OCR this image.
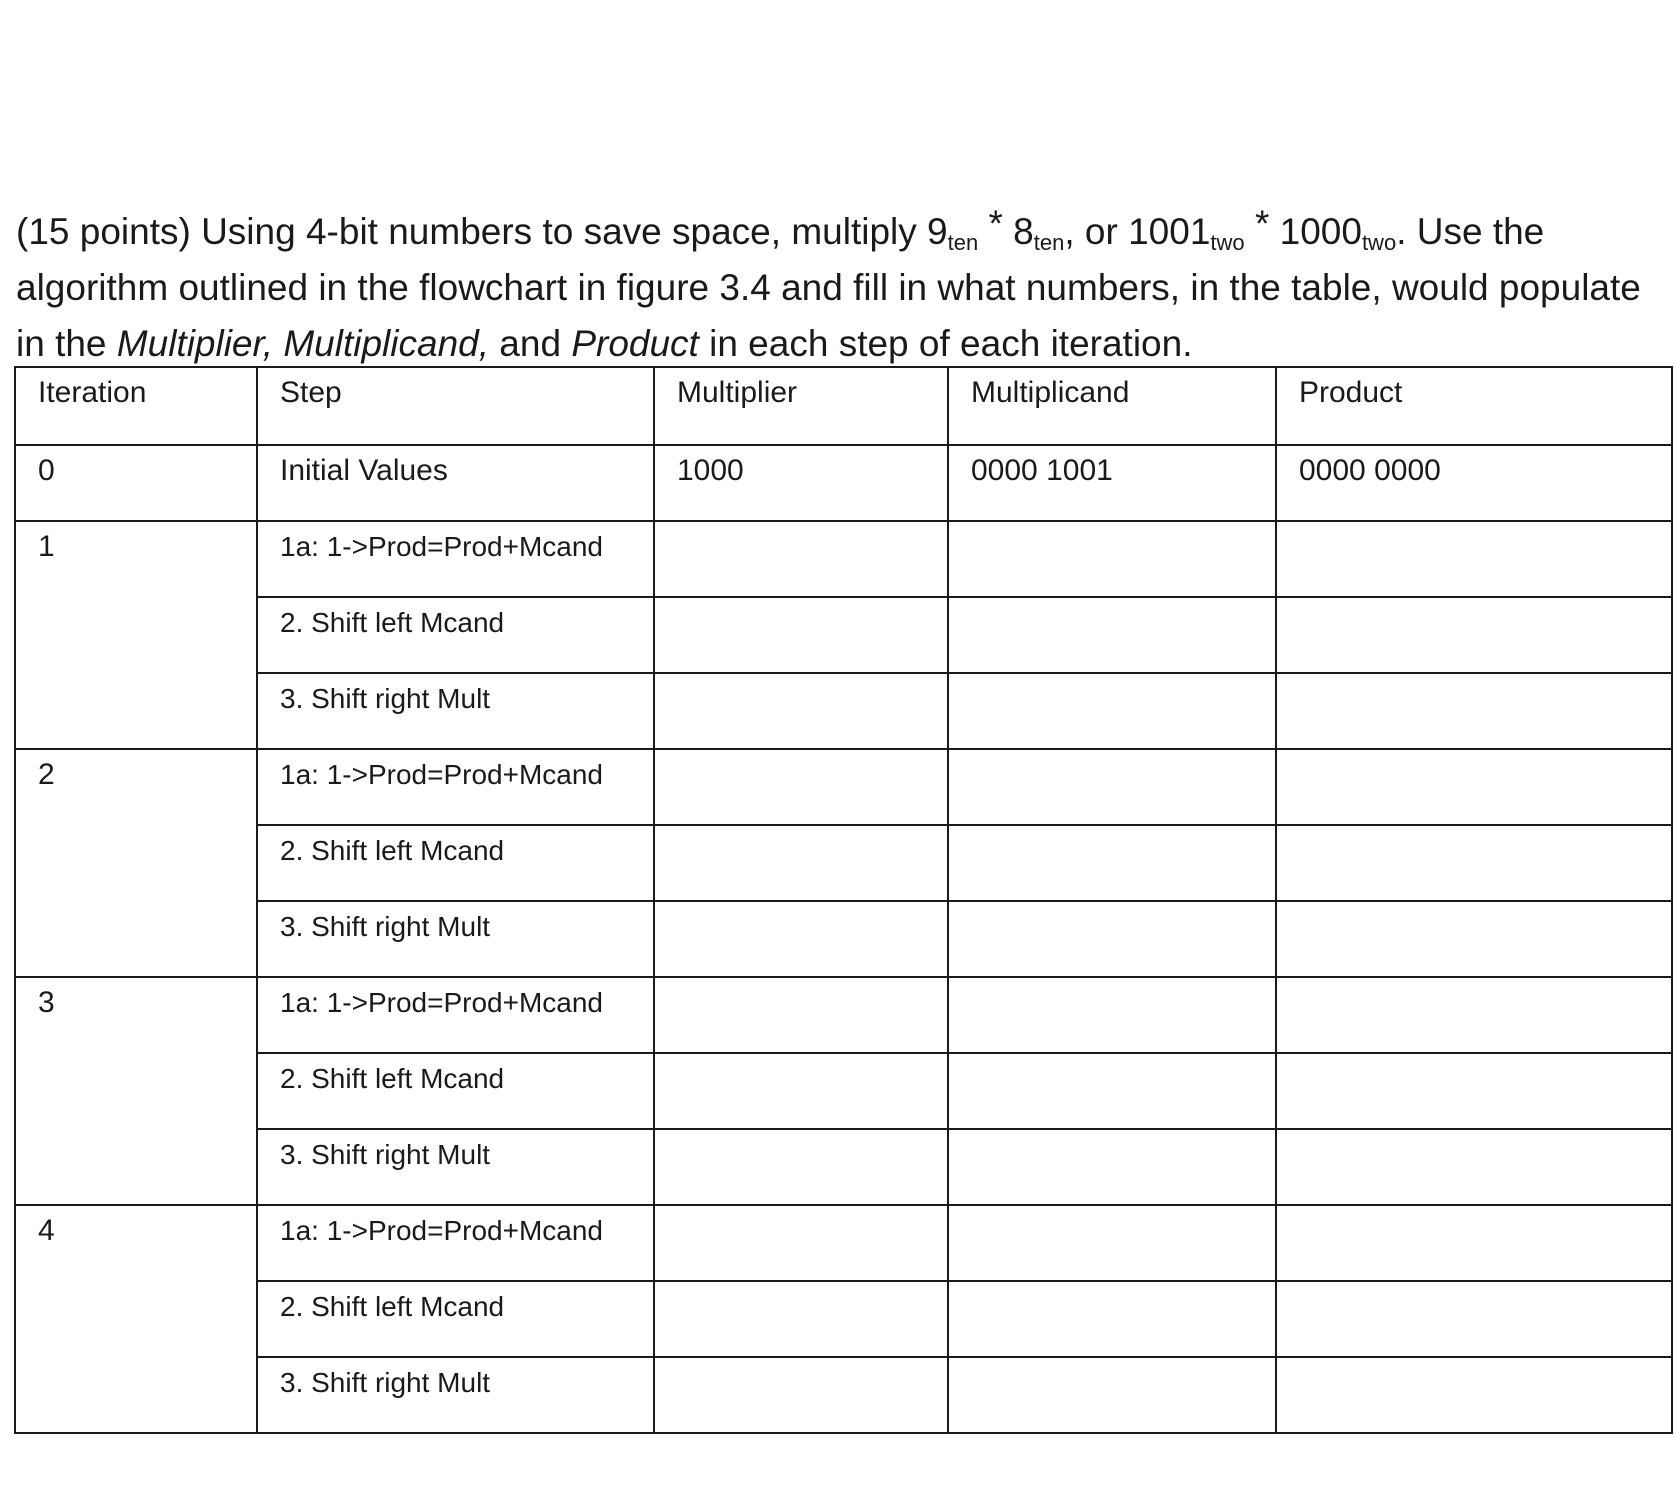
(15 points) Using 4-bit numbers to save space, multiply $9_{ten} * 8_{ten}$, or $1001_{two} * 1000_{two}$. Use the algorithm outlined in the flowchart in figure 3.4 and fill in what numbers, in the table, would populate in the Multiplier, Multiplicand, and Product in each step of each iteration.

Iteration	Step	Multiplier	Multiplicand	Product
0	Initial Values	1000	0000 1001	0000 0000
1	1a: 1->Prod=Prod+Mcand			
	2. Shift left Mcand			
	3. Shift right Mult			
2	1a: 1->Prod=Prod+Mcand			
	2. Shift left Mcand			
	3. Shift right Mult			
3	1a: 1->Prod=Prod+Mcand			
	2. Shift left Mcand			
	3. Shift right Mult			
4	1a: 1->Prod=Prod+Mcand			
	2. Shift left Mcand			
	3. Shift right Mult			
